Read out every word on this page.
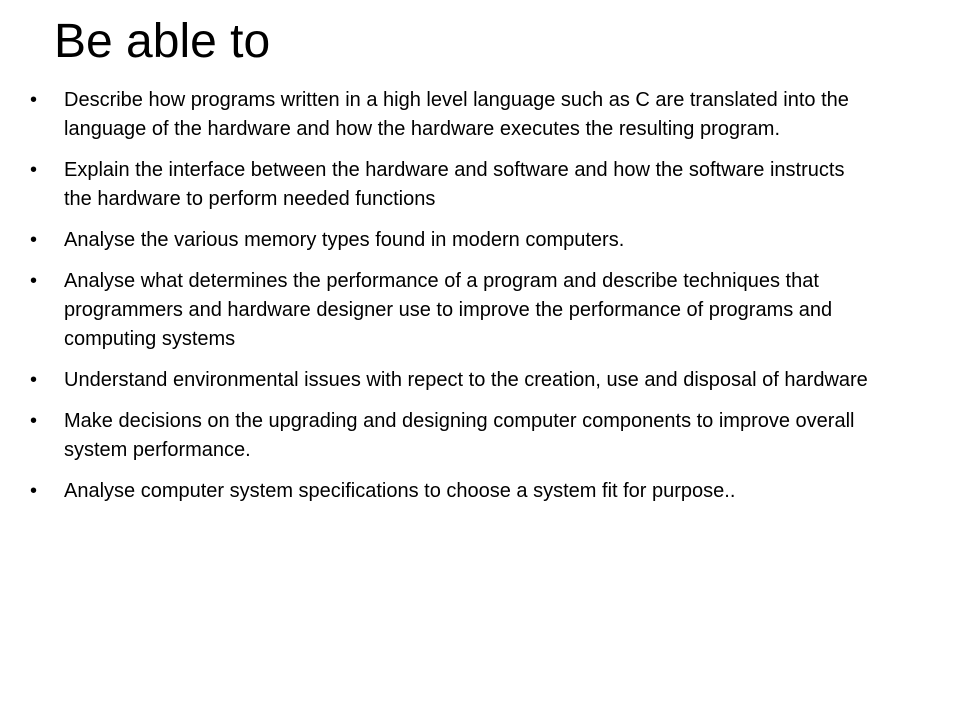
Be able to
•	Describe how programs written in a high level language such as C are translated into the language of the hardware and how the hardware executes the resulting program.
•	Explain the interface between the hardware and software and how the software instructs the hardware to perform needed functions
•	Analyse the various memory types found in modern computers.
•	Analyse what determines the performance of a program and describe techniques that programmers and hardware designer use to improve the performance of programs and computing systems
•	Understand environmental issues with repect to the creation, use and disposal of hardware
•	Make decisions on the upgrading and designing computer components to improve overall system performance.
•	Analyse computer system specifications to choose a system fit for purpose..
